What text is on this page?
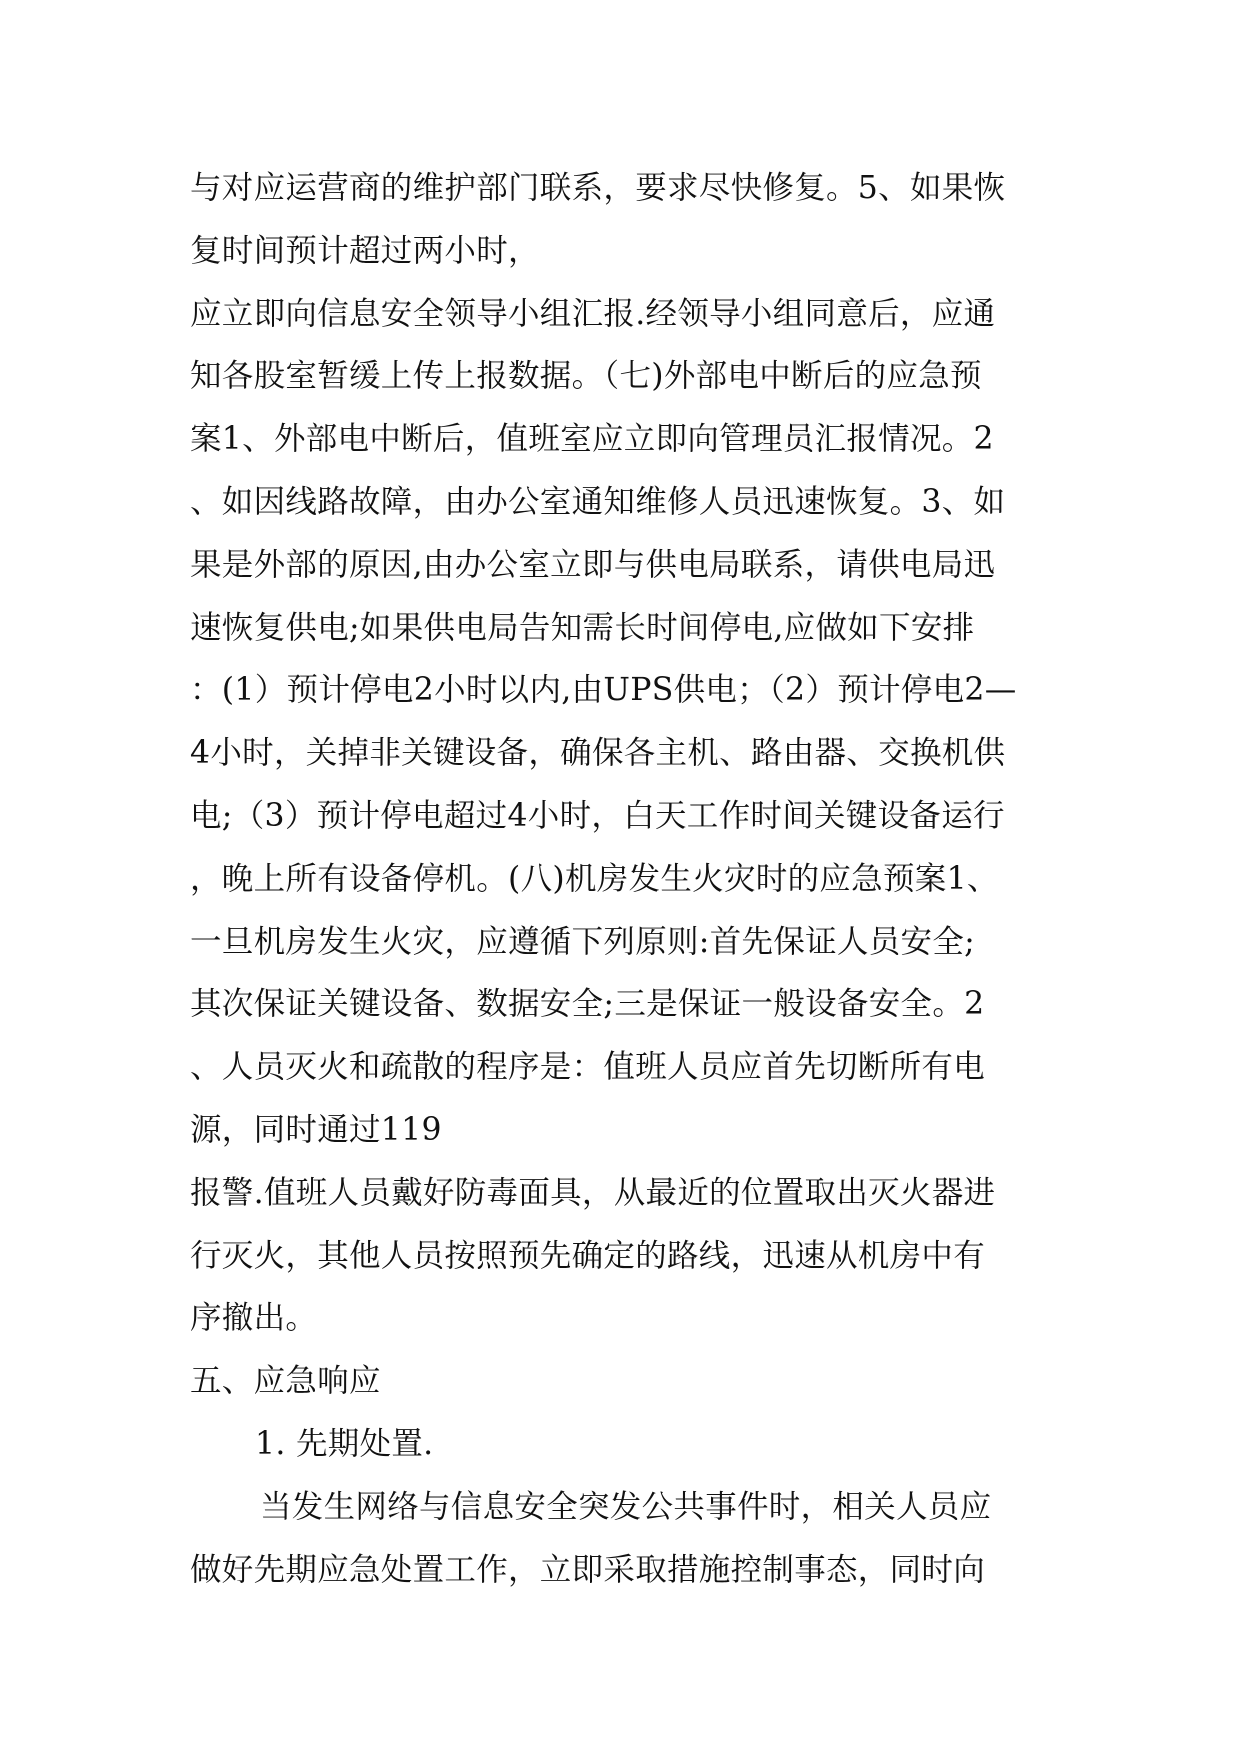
与对应运营商的维护部门联系，要求尽快修复。5、如果恢
复时间预计超过两小时，
应立即向信息安全领导小组汇报.经领导小组同意后，应通
知各股室暂缓上传上报数据。（七)外部电中断后的应急预
案1、外部电中断后，值班室应立即向管理员汇报情况。2
、如因线路故障，由办公室通知维修人员迅速恢复。3、如
果是外部的原因,由办公室立即与供电局联系，请供电局迅
速恢复供电;如果供电局告知需长时间停电,应做如下安排
：(1）预计停电2小时以内,由UPS供电；（2）预计停电2—
4小时，关掉非关键设备，确保各主机、路由器、交换机供
电;（3）预计停电超过4小时，白天工作时间关键设备运行
，晚上所有设备停机。(八)机房发生火灾时的应急预案1、
一旦机房发生火灾，应遵循下列原则:首先保证人员安全;
其次保证关键设备、数据安全;三是保证一般设备安全。2
、人员灭火和疏散的程序是：值班人员应首先切断所有电
源，同时通过119
报警.值班人员戴好防毒面具，从最近的位置取出灭火器进
行灭火，其他人员按照预先确定的路线，迅速从机房中有
序撤出。
五、应急响应
1. 先期处置.
当发生网络与信息安全突发公共事件时，相关人员应
做好先期应急处置工作，立即采取措施控制事态，同时向
